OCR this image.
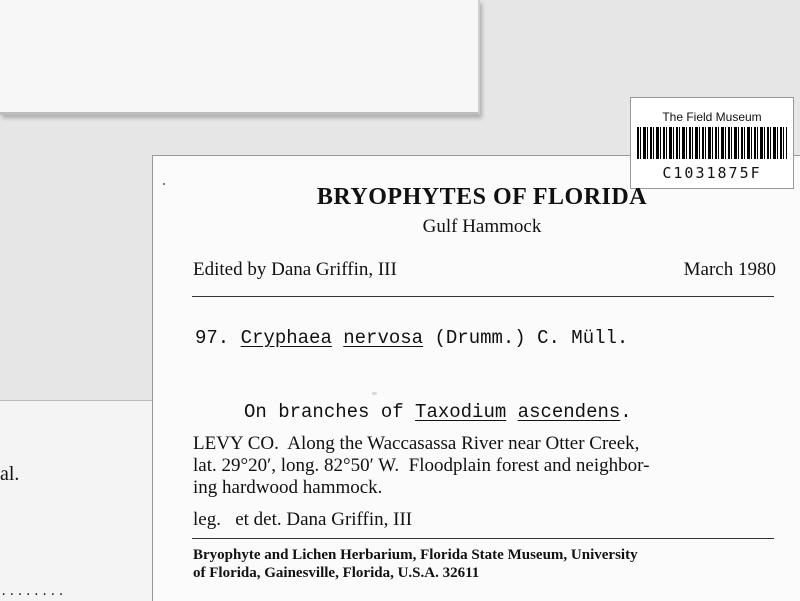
al.
........
The Field Museum
C1031875F
BRYOPHYTES OF FLORIDA
Gulf Hammock
Edited by Dana Griffin, III	March 1980
97. Cryphaea nervosa (Drumm.) C. Müll.
On branches of Taxodium ascendens.
LEVY CO.  Along the Waccasassa River near Otter Creek,
lat. 29°20′, long. 82°50′ W.  Floodplain forest and neighbor-
ing hardwood hammock.
leg.   et det. Dana Griffin, III
Bryophyte and Lichen Herbarium, Florida State Museum, University
of Florida, Gainesville, Florida, U.S.A. 32611
